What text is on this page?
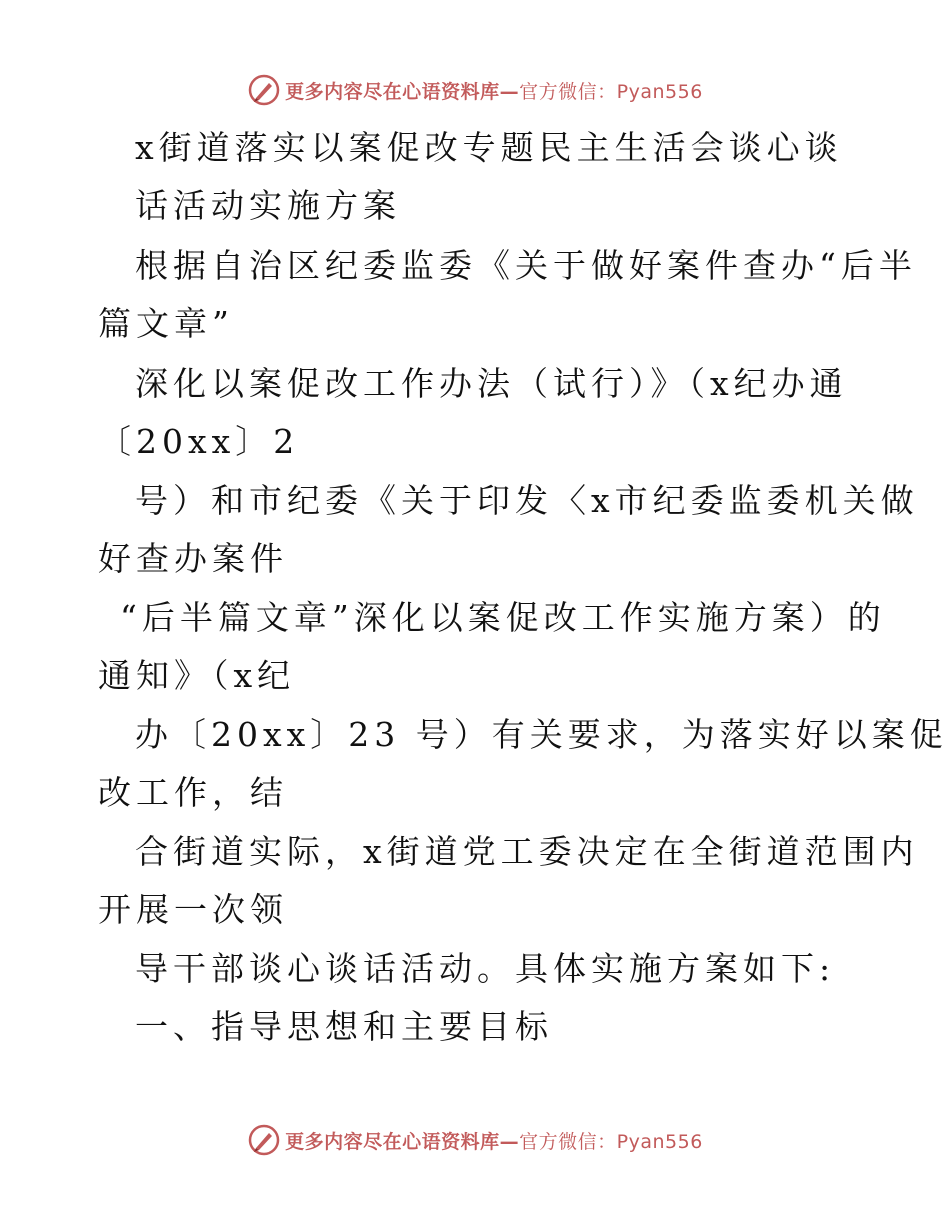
更多内容尽在心语资料库—官方微信：Pyan556
x街道落实以案促改专题民主生活会谈心谈
话活动实施方案
根据自治区纪委监委《关于做好案件查办“后半
篇文章”
深化以案促改工作办法（试行）》（x纪办通
〔20xx〕2
号）和市纪委《关于印发〈x市纪委监委机关做
好查办案件
“后半篇文章”深化以案促改工作实施方案）的
通知》（x纪
办〔20xx〕23 号）有关要求，为落实好以案促
改工作，结
合街道实际，x街道党工委决定在全街道范围内
开展一次领
导干部谈心谈话活动。具体实施方案如下:
一、指导思想和主要目标
更多内容尽在心语资料库—官方微信：Pyan556
